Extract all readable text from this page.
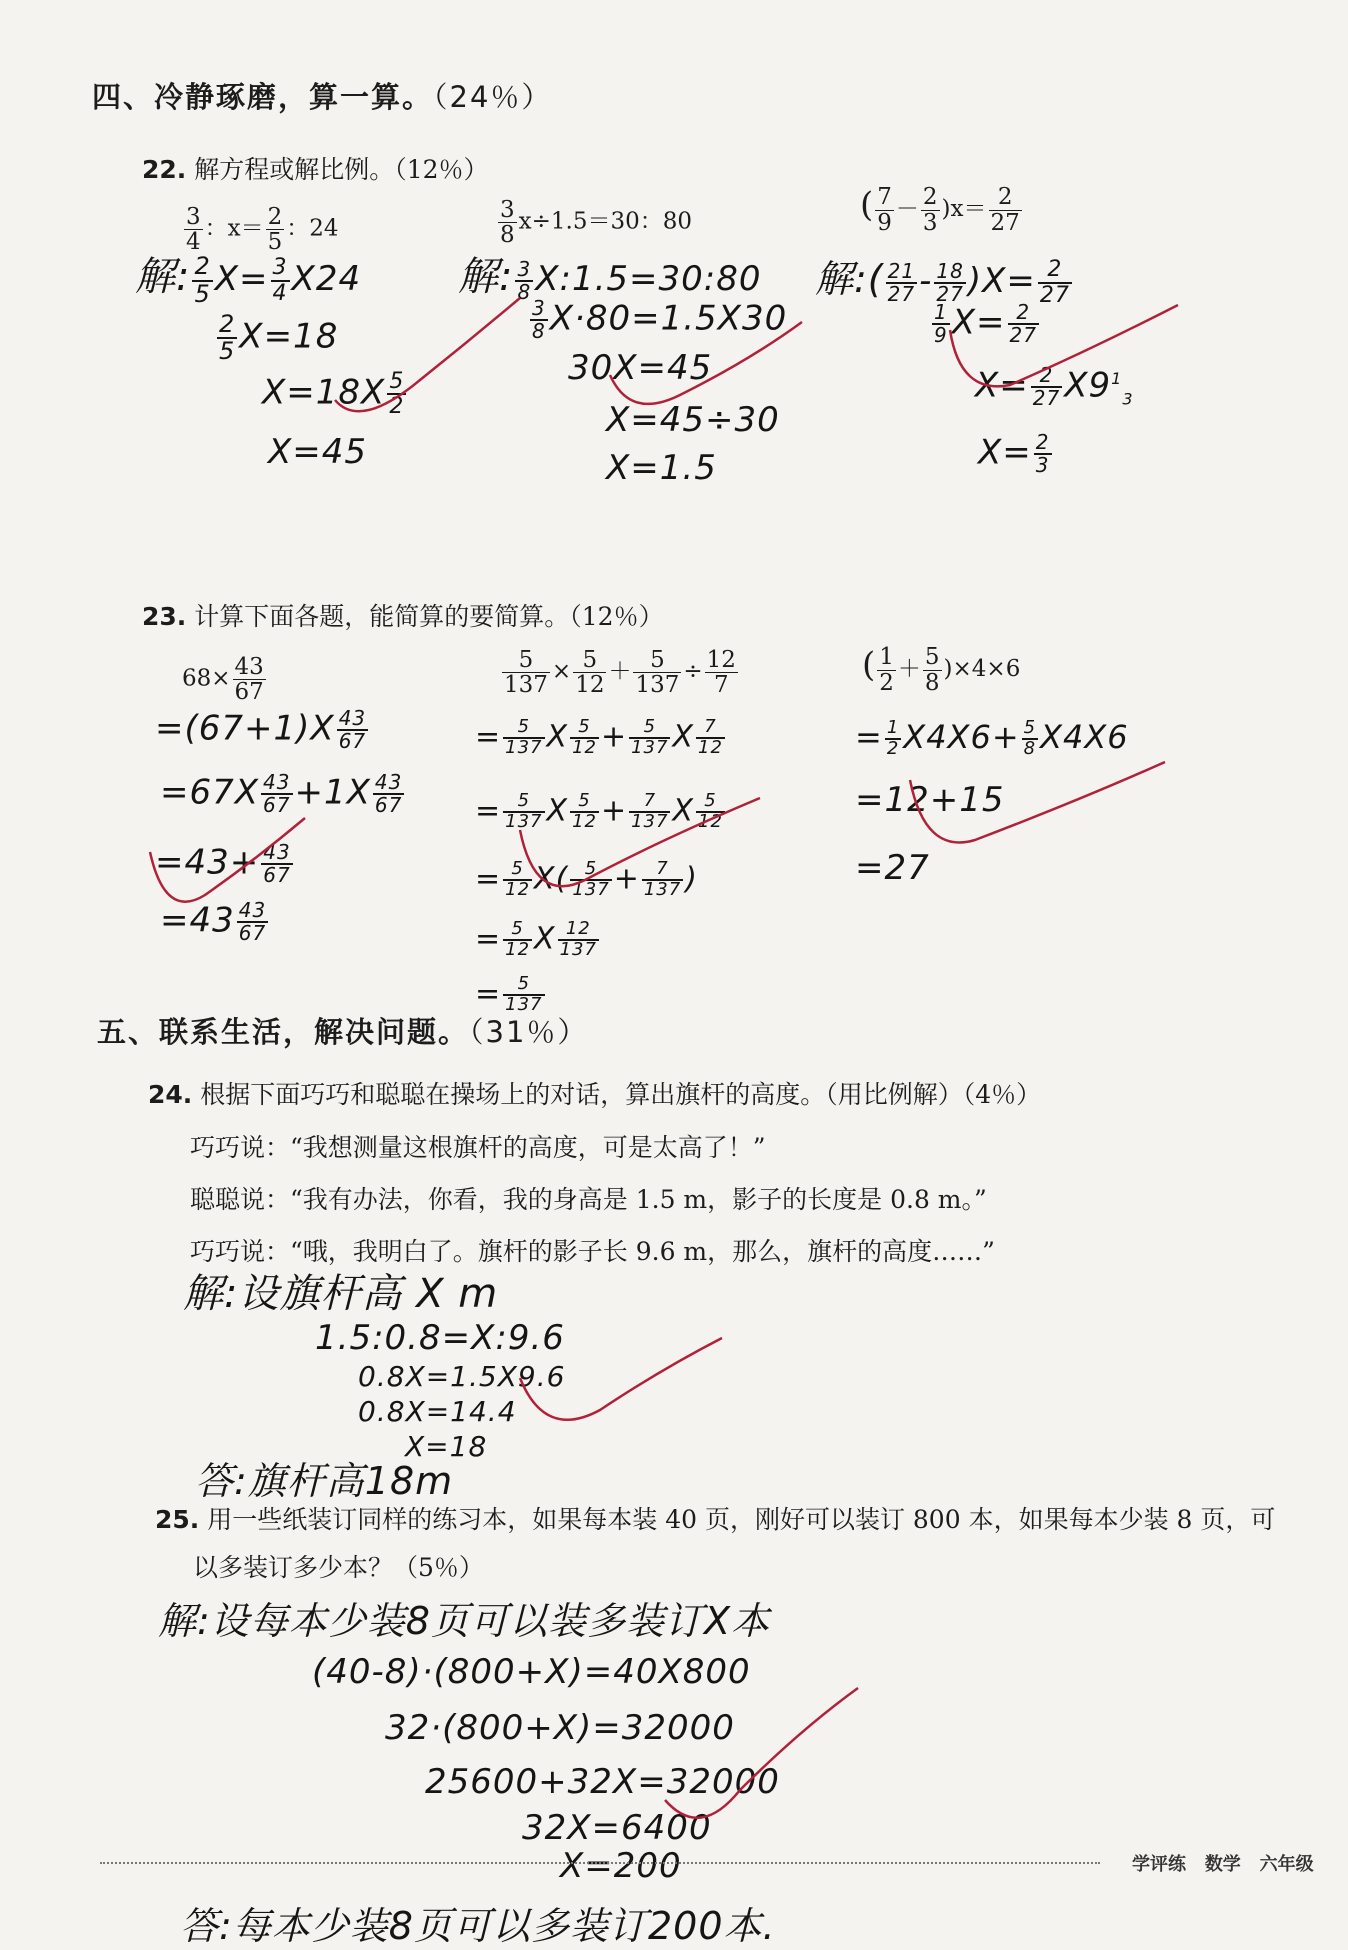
四、冷静琢磨，算一算。（24％）
22. 解方程或解比例。（12％）
$\frac{3}{4}$ ：$x= \frac{2}{5}$ ：24	$\frac{3}{8} x\div 1.5=30$：80	( $\frac{7}{9} - \frac{2}{3} )x= \frac{2}{27}$
解: $\frac{2}{5} X= \frac{3}{4} X24$
$\frac{2}{5} X=18$
$X=18X \frac{5}{2}$
X=45
解: $\frac{3}{8}$ X:1.5=30:80
$\frac{3}{8} X\cdot 80=1.5X30$
30X=45
X=45÷30
X=1.5
解:( $\frac{21}{27} - \frac{18}{27} )X= \frac{2}{27}$
$\frac{1}{9} X= \frac{2}{27}$
$X= \frac{2}{27} X9^1_3$
$X= \frac{2}{3}$
23. 计算下面各题，能简算的要简算。（12％）
$68\times \frac{43}{67}$	$\frac{5}{137} \times \frac{5}{12} + \frac{5}{137} \div \frac{12}{7}$	( $\frac{1}{2} + \frac{5}{8} )\times 4\times 6$
$=(67+1)X \frac{43}{67}$
$=67X \frac{43}{67} +1X \frac{43}{67}$
$=43+ \frac{43}{67}$
$=43 \frac{43}{67}$
= $\frac{5}{137}$ X $\frac{5}{12} + \frac{5}{137}$ X $\frac{7}{12}$
= $\frac{5}{137}$ X $\frac{5}{12} + \frac{7}{137}$ X $\frac{5}{12}$
= $\frac{5}{12} X( \frac{5}{137} + \frac{7}{137}$ )
= $\frac{5}{12}$ X $\frac{12}{137}$
= $\frac{5}{137}$
= $\frac{1}{2} X4X6+ \frac{5}{8} X4X6$
=12+15
=27
五、联系生活，解决问题。（31％）
24. 根据下面巧巧和聪聪在操场上的对话，算出旗杆的高度。（用比例解）（4％）
巧巧说：“我想测量这根旗杆的高度，可是太高了！”
聪聪说：“我有办法，你看，我的身高是 1.5 m，影子的长度是 0.8 m。”
巧巧说：“哦，我明白了。旗杆的影子长 9.6 m，那么，旗杆的高度……”
解:设旗杆高 X m
1.5:0.8=X:9.6
0.8X=1.5X9.6
0.8X=14.4
X=18
答:旗杆高18m
25. 用一些纸装订同样的练习本，如果每本装 40 页，刚好可以装订 800 本，如果每本少装 8 页，可
以多装订多少本？（5％）
解:设每本少装8页可以装多装订X本
(40-8)·(800+X)=40X800
32·(800+X)=32000
25600+32X=32000
32X=6400
X=200
答:每本少装8页可以多装订200本.
学评练 数学 六年级
